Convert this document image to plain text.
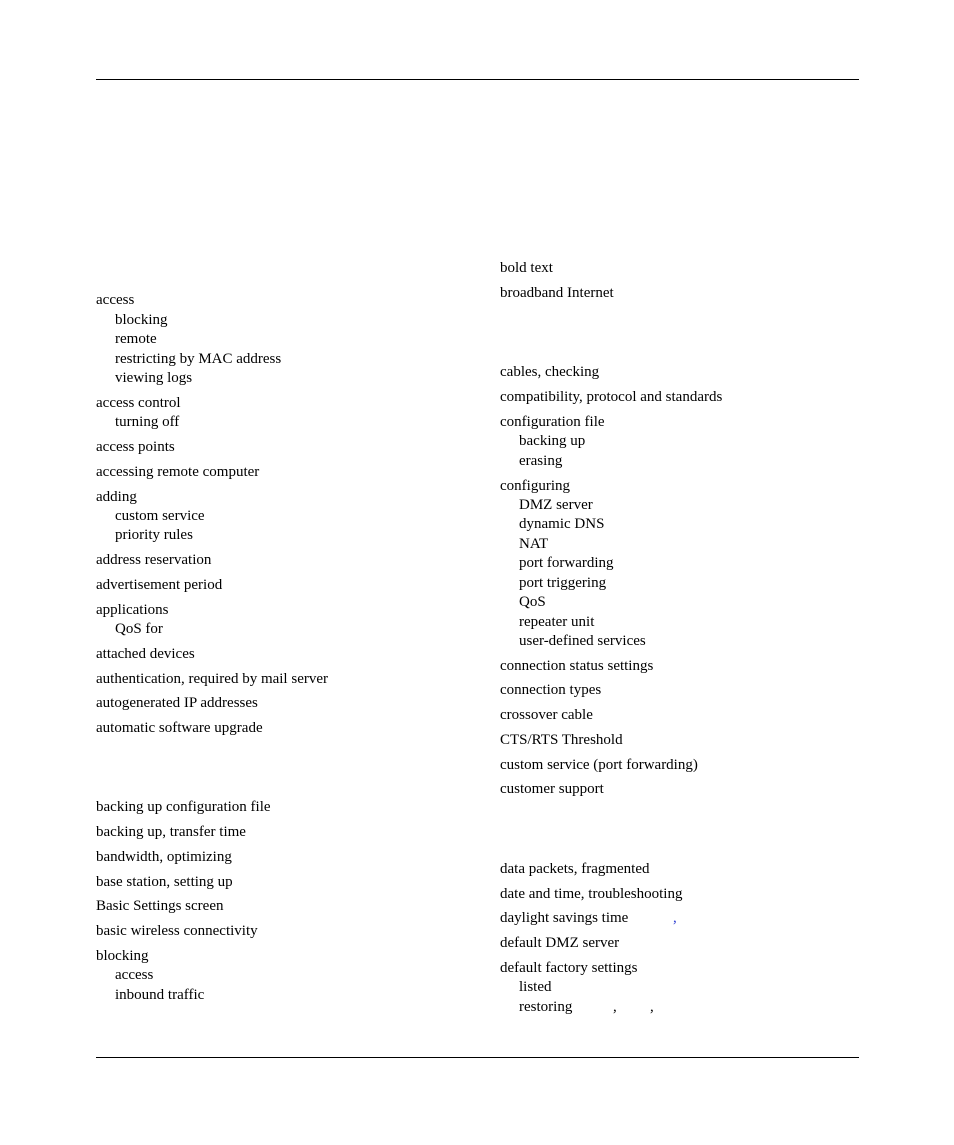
access
blocking
remote
restricting by MAC address
viewing logs
access control
turning off
access points
accessing remote computer
adding
custom service
priority rules
address reservation
advertisement period
applications
QoS for
attached devices
authentication, required by mail server
autogenerated IP addresses
automatic software upgrade
backing up configuration file
backing up, transfer time
bandwidth, optimizing
base station, setting up
Basic Settings screen
basic wireless connectivity
blocking
access
inbound traffic
bold text
broadband Internet
cables, checking
compatibility, protocol and standards
configuration file
backing up
erasing
configuring
DMZ server
dynamic DNS
NAT
port forwarding
port triggering
QoS
repeater unit
user-defined services
connection status settings
connection types
crossover cable
CTS/RTS Threshold
custom service (port forwarding)
customer support
data packets, fragmented
date and time, troubleshooting
daylight savings time
default DMZ server
default factory settings
listed
restoring
,
, ,
